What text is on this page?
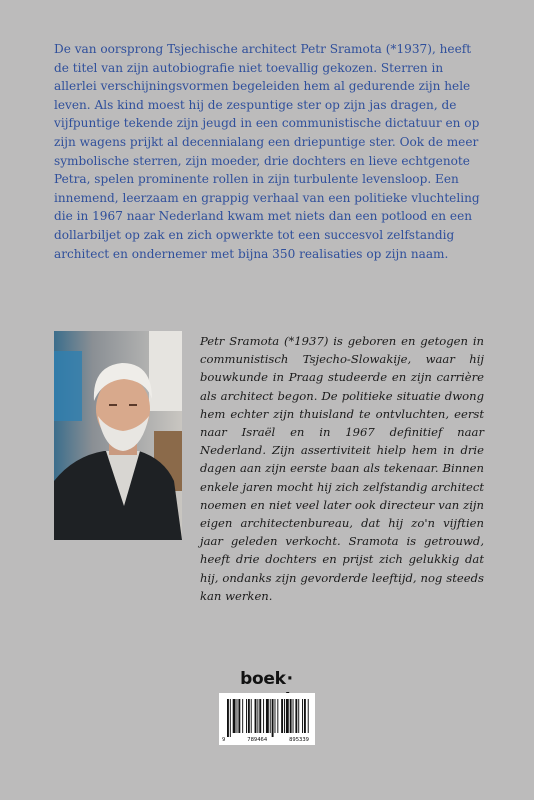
De van oorsprong Tsjechische architect Petr Sramota (*1937), heeft de titel van zijn autobiografie niet toevallig gekozen. Sterren in allerlei verschijningsvormen begeleiden hem al gedurende zijn hele leven. Als kind moest hij de zespuntige ster op zijn jas dragen, de vijfpuntige tekende zijn jeugd in een communistische dictatuur en op zijn wagens prijkt al decennialang een driepuntige ster. Ook de meer symbolische sterren, zijn moeder, drie dochters en lieve echtgenote Petra, spelen prominente rollen in zijn turbulente levensloop. Een innemend, leerzaam en grappig verhaal van een politieke vluchteling die in 1967 naar Nederland kwam met niets dan een potlood en een dollarbiljet op zak en zich opwerkte tot een succesvol zelfstandig architect en ondernemer met bijna 350 realisaties op zijn naam.

Petr Sramota (*1937) is geboren en getogen in communistisch Tsjecho-Slowakije, waar hij bouwkunde in Praag studeerde en zijn carrière als architect begon. De politieke situatie dwong hem echter zijn thuisland te ontvluchten, eerst naar Israël en in 1967 definitief naar Nederland. Zijn assertiviteit hielp hem in drie dagen aan zijn eerste baan als tekenaar. Binnen enkele jaren mocht hij zich zelfstandig architect noemen en niet veel later ook directeur van zijn eigen architectenbureau, dat hij zo'n vijftien jaar geleden verkocht. Sramota is getrouwd, heeft drie dochters en prijst zich gelukkig dat hij, ondanks zijn gevorderde leeftijd, nog steeds kan werken.

boek·
9	789464	895339
